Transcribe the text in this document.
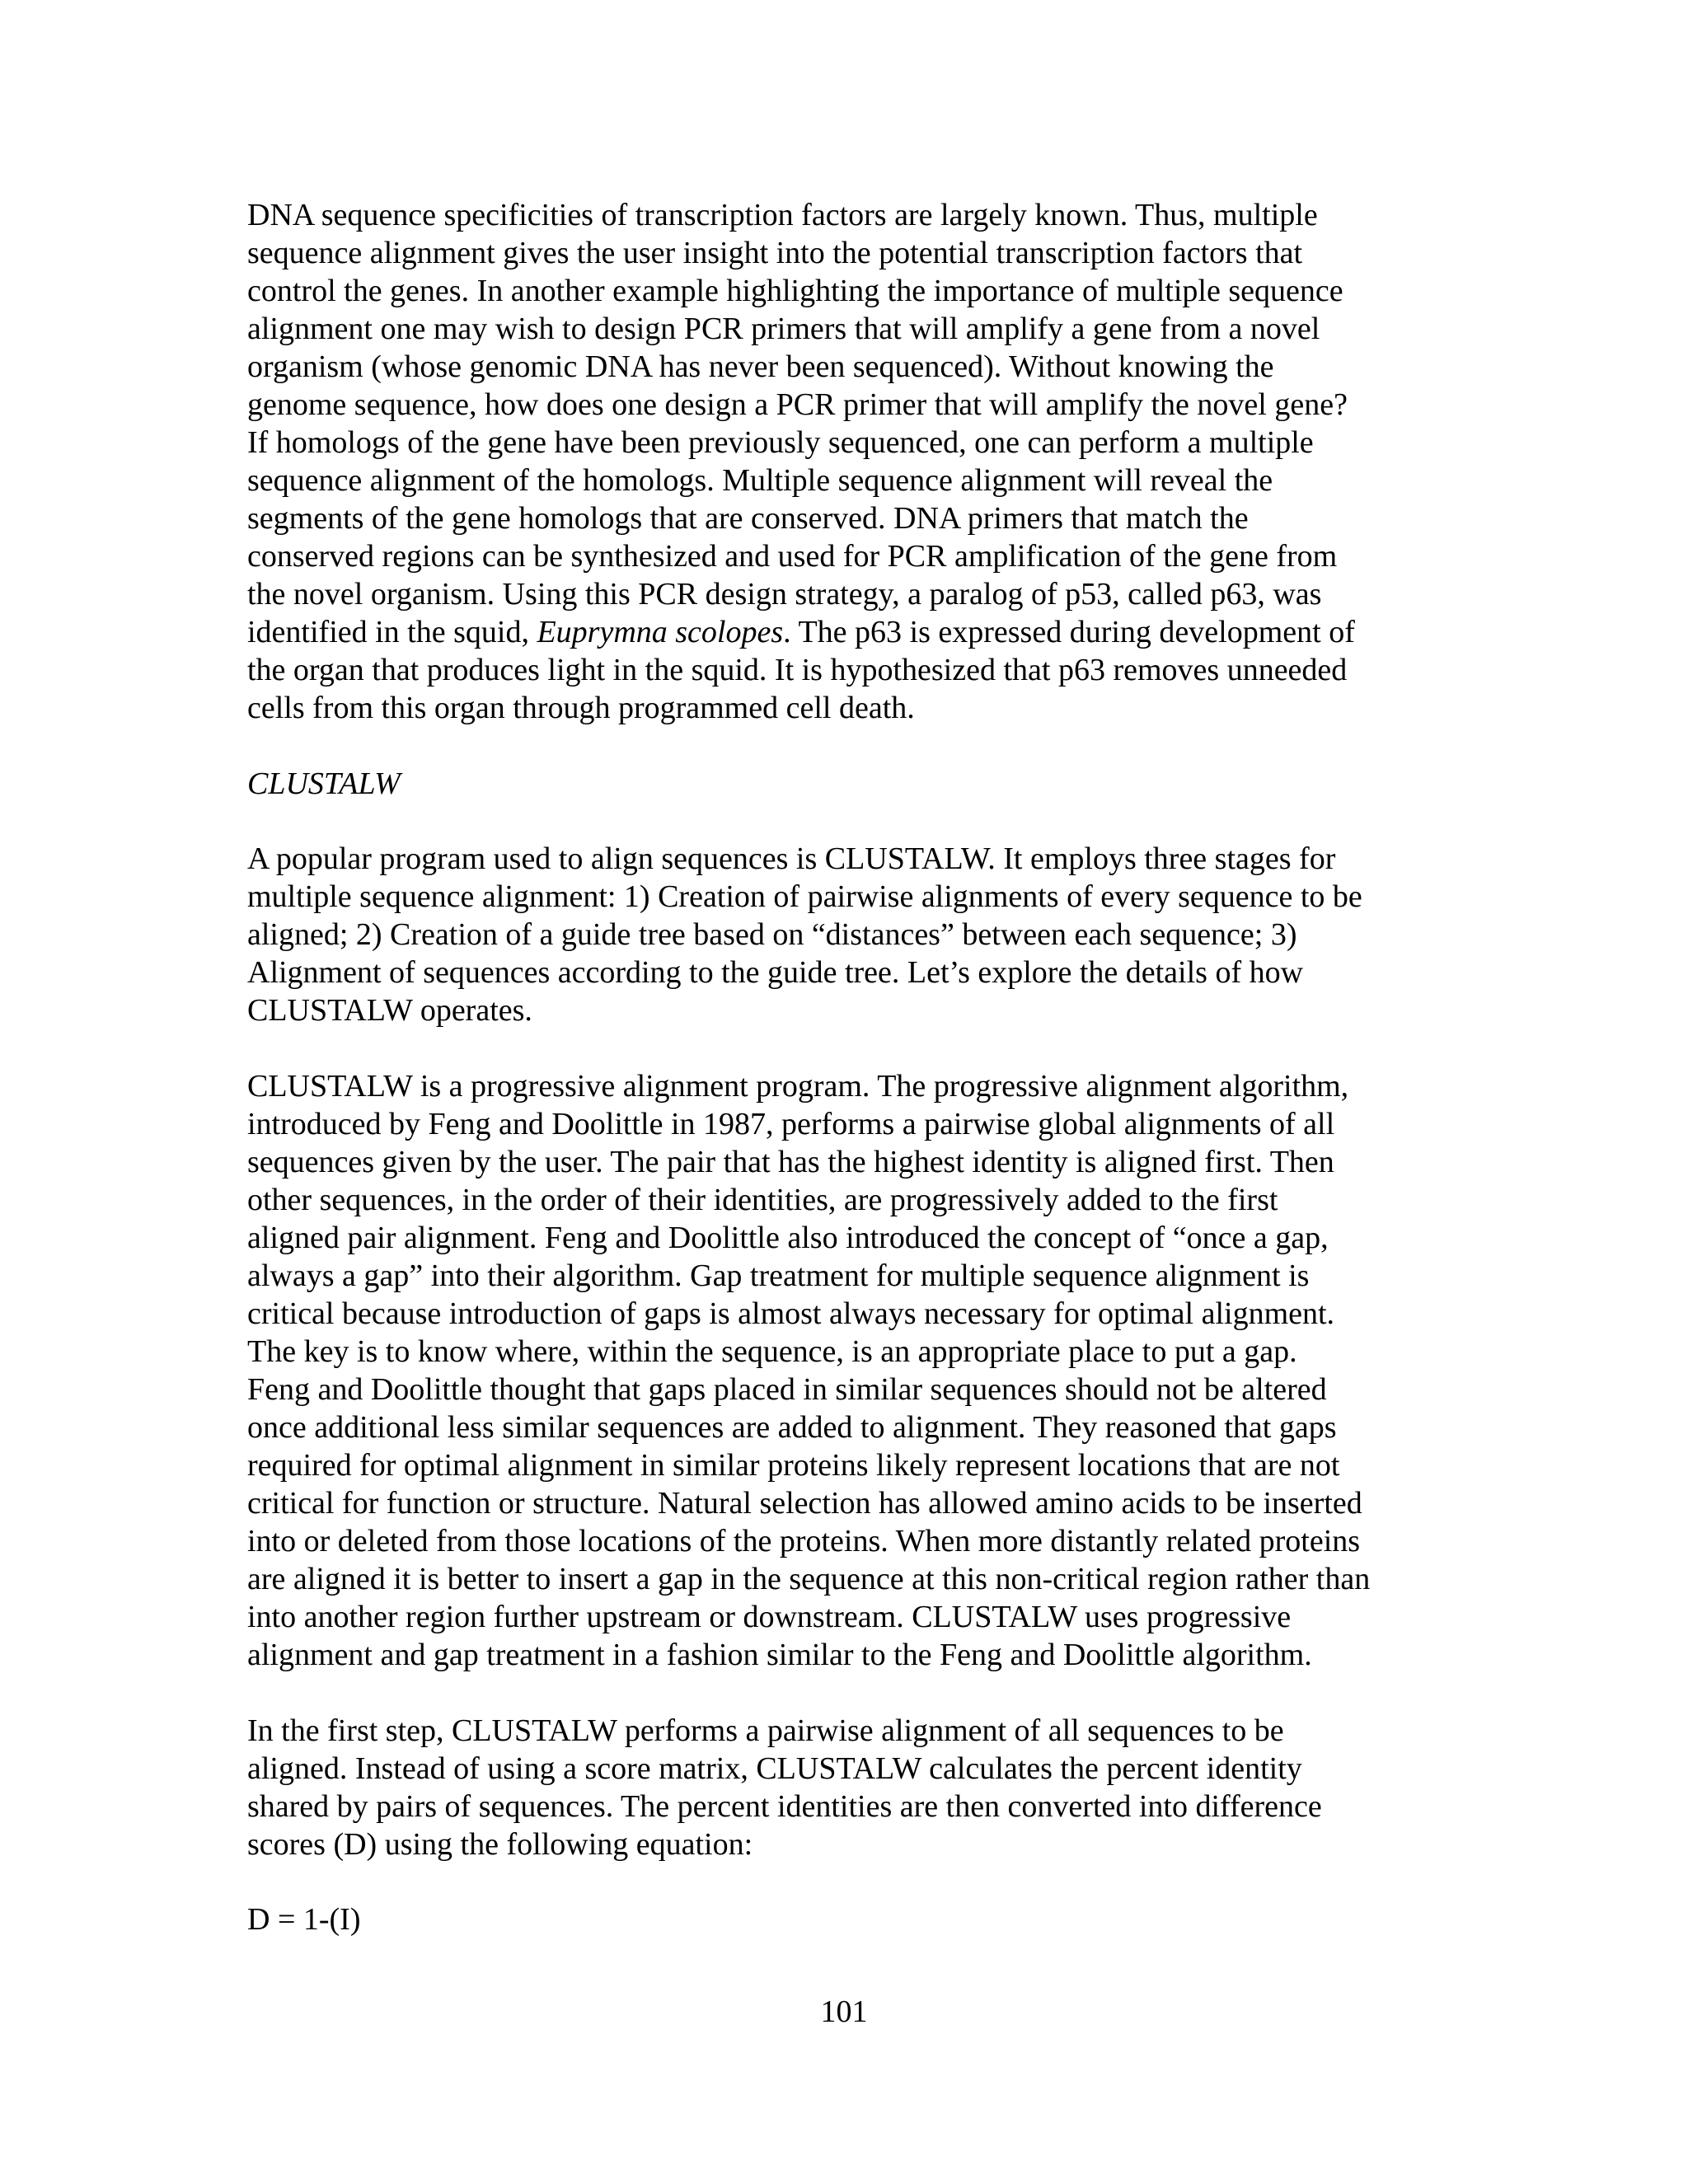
DNA sequence specificities of transcription factors are largely known. Thus, multiple
sequence alignment gives the user insight into the potential transcription factors that
control the genes. In another example highlighting the importance of multiple sequence
alignment one may wish to design PCR primers that will amplify a gene from a novel
organism (whose genomic DNA has never been sequenced). Without knowing the
genome sequence, how does one design a PCR primer that will amplify the novel gene?
If homologs of the gene have been previously sequenced, one can perform a multiple
sequence alignment of the homologs. Multiple sequence alignment will reveal the
segments of the gene homologs that are conserved. DNA primers that match the
conserved regions can be synthesized and used for PCR amplification of the gene from
the novel organism. Using this PCR design strategy, a paralog of p53, called p63, was
identified in the squid, Euprymna scolopes. The p63 is expressed during development of
the organ that produces light in the squid. It is hypothesized that p63 removes unneeded
cells from this organ through programmed cell death.
CLUSTALW
A popular program used to align sequences is CLUSTALW. It employs three stages for
multiple sequence alignment: 1) Creation of pairwise alignments of every sequence to be
aligned; 2) Creation of a guide tree based on “distances” between each sequence; 3)
Alignment of sequences according to the guide tree. Let’s explore the details of how
CLUSTALW operates.
CLUSTALW is a progressive alignment program. The progressive alignment algorithm,
introduced by Feng and Doolittle in 1987, performs a pairwise global alignments of all
sequences given by the user. The pair that has the highest identity is aligned first. Then
other sequences, in the order of their identities, are progressively added to the first
aligned pair alignment. Feng and Doolittle also introduced the concept of “once a gap,
always a gap” into their algorithm. Gap treatment for multiple sequence alignment is
critical because introduction of gaps is almost always necessary for optimal alignment.
The key is to know where, within the sequence, is an appropriate place to put a gap.
Feng and Doolittle thought that gaps placed in similar sequences should not be altered
once additional less similar sequences are added to alignment. They reasoned that gaps
required for optimal alignment in similar proteins likely represent locations that are not
critical for function or structure. Natural selection has allowed amino acids to be inserted
into or deleted from those locations of the proteins. When more distantly related proteins
are aligned it is better to insert a gap in the sequence at this non-critical region rather than
into another region further upstream or downstream. CLUSTALW uses progressive
alignment and gap treatment in a fashion similar to the Feng and Doolittle algorithm.
In the first step, CLUSTALW performs a pairwise alignment of all sequences to be
aligned. Instead of using a score matrix, CLUSTALW calculates the percent identity
shared by pairs of sequences. The percent identities are then converted into difference
scores (D) using the following equation:
D = 1-(I)
101
